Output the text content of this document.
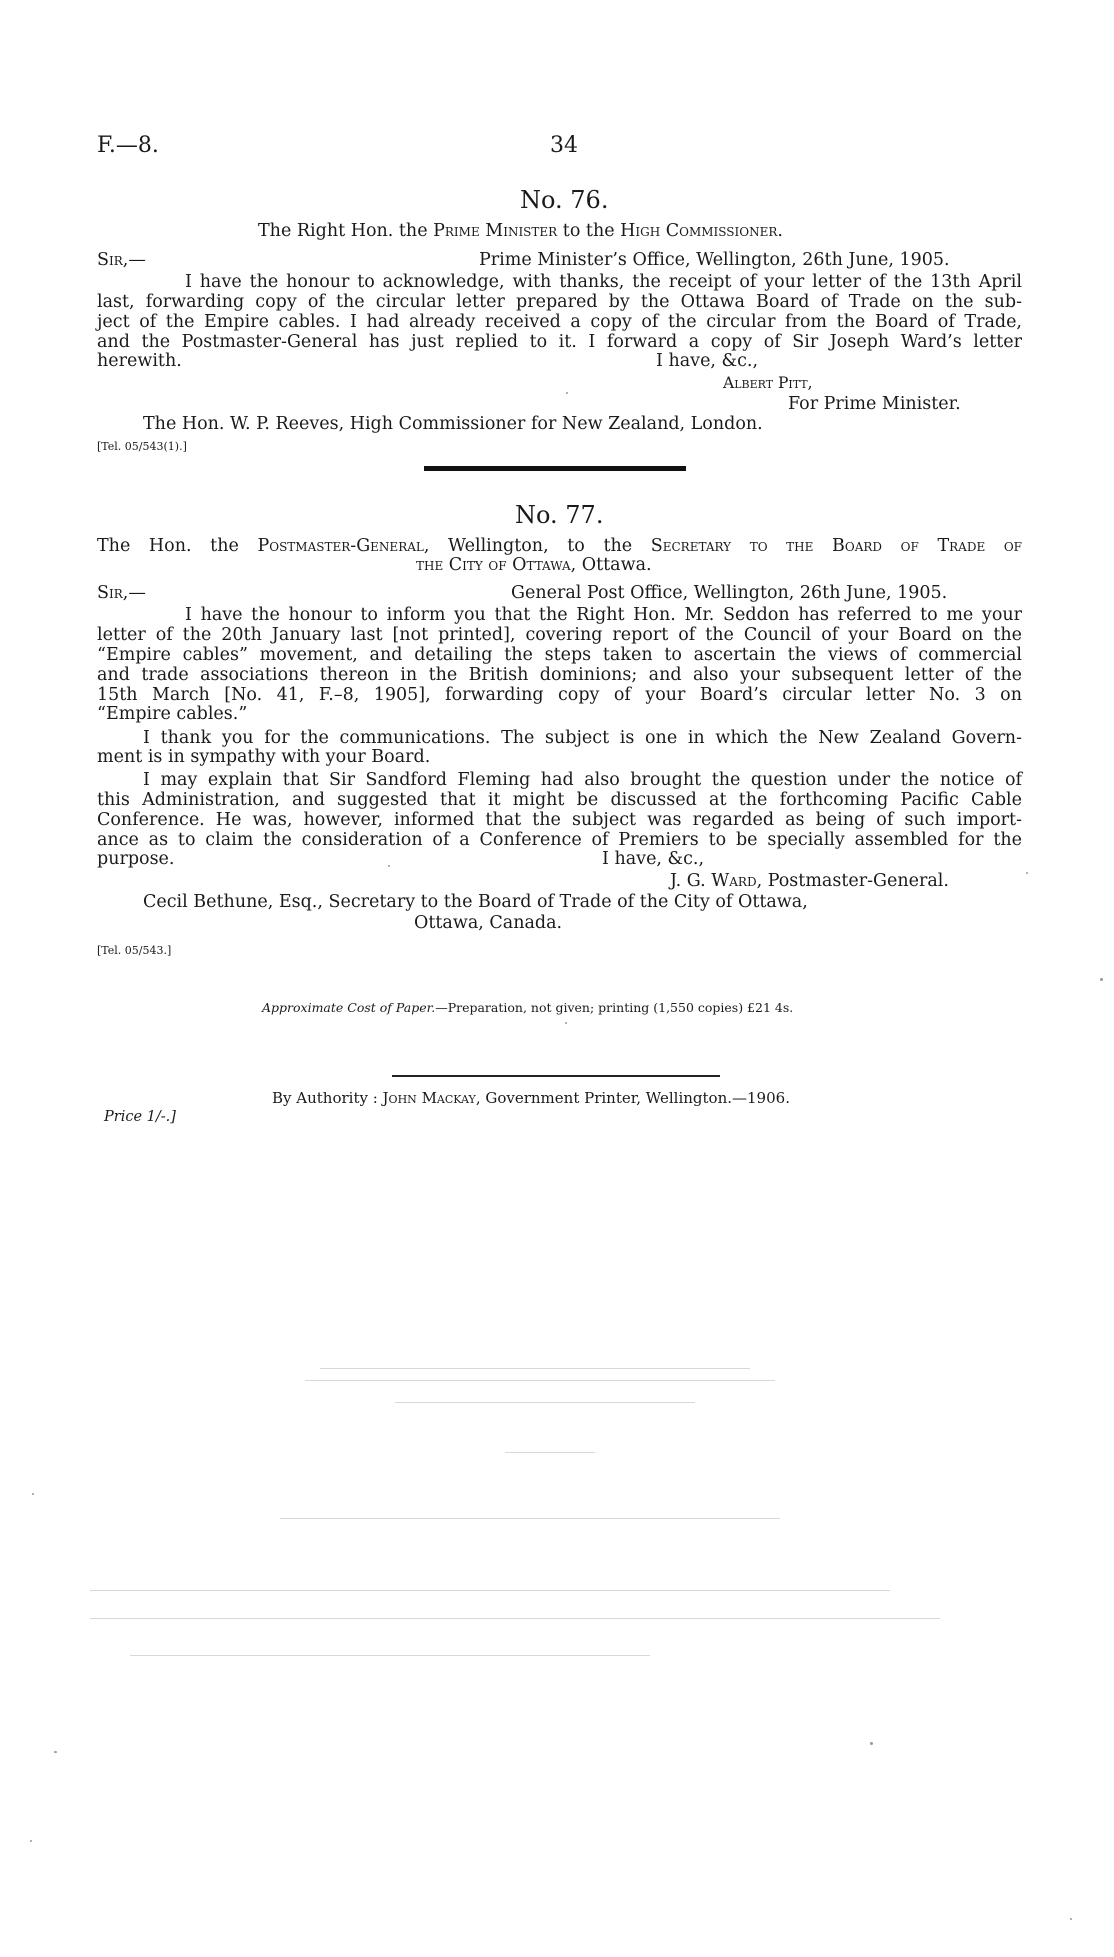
F.—8.	34
No. 76.
The Right Hon. the Prime Minister to the High Commissioner.
Sir,—	Prime Minister’s Office, Wellington, 26th June, 1905.
I have the honour to acknowledge, with thanks, the receipt of your letter of the 13th April
last, forwarding copy of the circular letter prepared by the Ottawa Board of Trade on the sub-
ject of the Empire cables. I had already received a copy of the circular from the Board of Trade,
and the Postmaster-General has just replied to it. I forward a copy of Sir Joseph Ward’s letter
herewith.	I have, &c.,
Albert Pitt,
For Prime Minister.
The Hon. W. P. Reeves, High Commissioner for New Zealand, London.
[Tel. 05/543(1).]
No. 77.
The Hon. the Postmaster-General, Wellington, to the Secretary to the Board of Trade of
the City of Ottawa, Ottawa.
Sir,—	General Post Office, Wellington, 26th June, 1905.
I have the honour to inform you that the Right Hon. Mr. Seddon has referred to me your
letter of the 20th January last [not printed], covering report of the Council of your Board on the
“Empire cables” movement, and detailing the steps taken to ascertain the views of commercial
and trade associations thereon in the British dominions; and also your subsequent letter of the
15th March [No. 41, F.–8, 1905], forwarding copy of your Board’s circular letter No. 3 on
“Empire cables.”
I thank you for the communications. The subject is one in which the New Zealand Govern-
ment is in sympathy with your Board.
I may explain that Sir Sandford Fleming had also brought the question under the notice of
this Administration, and suggested that it might be discussed at the forthcoming Pacific Cable
Conference. He was, however, informed that the subject was regarded as being of such import-
ance as to claim the consideration of a Conference of Premiers to be specially assembled for the
purpose.	I have, &c.,
J. G. Ward, Postmaster-General.
Cecil Bethune, Esq., Secretary to the Board of Trade of the City of Ottawa,
Ottawa, Canada.
[Tel. 05/543.]
Approximate Cost of Paper.—Preparation, not given; printing (1,550 copies) £21 4s.
By Authority : John Mackay, Government Printer, Wellington.—1906.
Price 1/-.]
